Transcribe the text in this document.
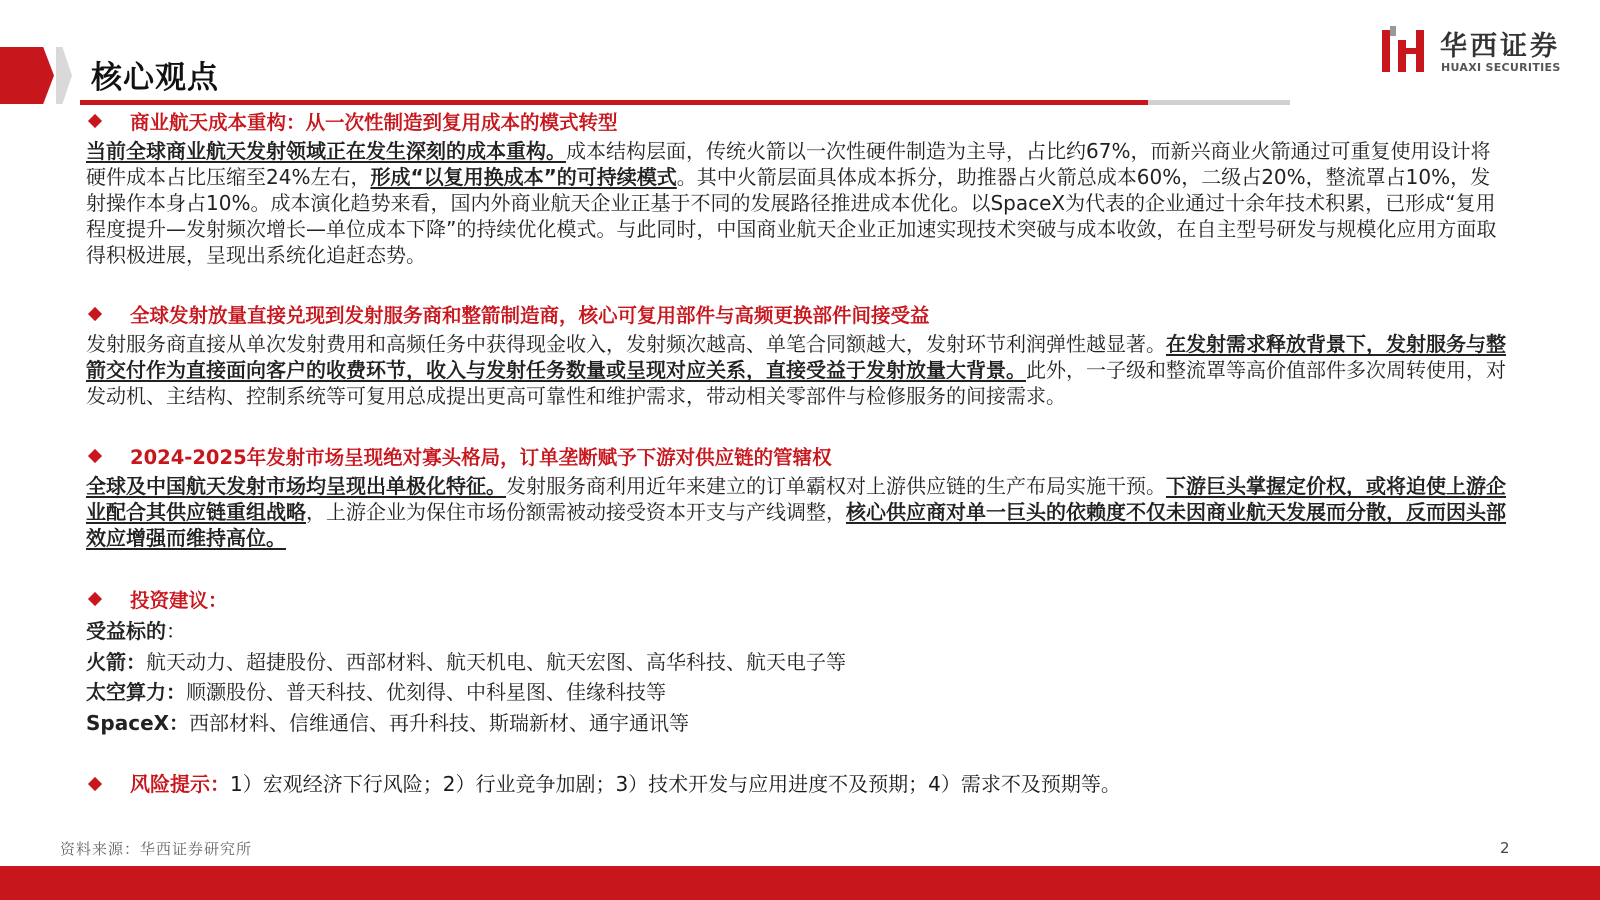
核心观点
华西证券
HUAXI SECURITIES
商业航天成本重构：从一次性制造到复用成本的模式转型
当前全球商业航天发射领域正在发生深刻的成本重构。成本结构层面，传统火箭以一次性硬件制造为主导，占比约67%，而新兴商业火箭通过可重复使用设计将硬件成本占比压缩至24%左右，形成“以复用换成本”的可持续模式。其中火箭层面具体成本拆分，助推器占火箭总成本60%，二级占20%，整流罩占10%，发射操作本身占10%。成本演化趋势来看，国内外商业航天企业正基于不同的发展路径推进成本优化。以SpaceX为代表的企业通过十余年技术积累，已形成“复用程度提升—发射频次增长—单位成本下降”的持续优化模式。与此同时，中国商业航天企业正加速实现技术突破与成本收敛，在自主型号研发与规模化应用方面取得积极进展，呈现出系统化追赶态势。
全球发射放量直接兑现到发射服务商和整箭制造商，核心可复用部件与高频更换部件间接受益
发射服务商直接从单次发射费用和高频任务中获得现金收入，发射频次越高、单笔合同额越大，发射环节利润弹性越显著。在发射需求释放背景下，发射服务与整箭交付作为直接面向客户的收费环节，收入与发射任务数量或呈现对应关系，直接受益于发射放量大背景。此外，一子级和整流罩等高价值部件多次周转使用，对发动机、主结构、控制系统等可复用总成提出更高可靠性和维护需求，带动相关零部件与检修服务的间接需求。
2024-2025年发射市场呈现绝对寡头格局，订单垄断赋予下游对供应链的管辖权
全球及中国航天发射市场均呈现出单极化特征。发射服务商利用近年来建立的订单霸权对上游供应链的生产布局实施干预。下游巨头掌握定价权，或将迫使上游企业配合其供应链重组战略，上游企业为保住市场份额需被动接受资本开支与产线调整，核心供应商对单一巨头的依赖度不仅未因商业航天发展而分散，反而因头部效应增强而维持高位。
投资建议：
受益标的：
火箭：航天动力、超捷股份、西部材料、航天机电、航天宏图、高华科技、航天电子等
太空算力：顺灏股份、普天科技、优刻得、中科星图、佳缘科技等
SpaceX：西部材料、信维通信、再升科技、斯瑞新材、通宇通讯等
风险提示：1）宏观经济下行风险；2）行业竞争加剧；3）技术开发与应用进度不及预期；4）需求不及预期等。
资料来源：华西证券研究所	2
